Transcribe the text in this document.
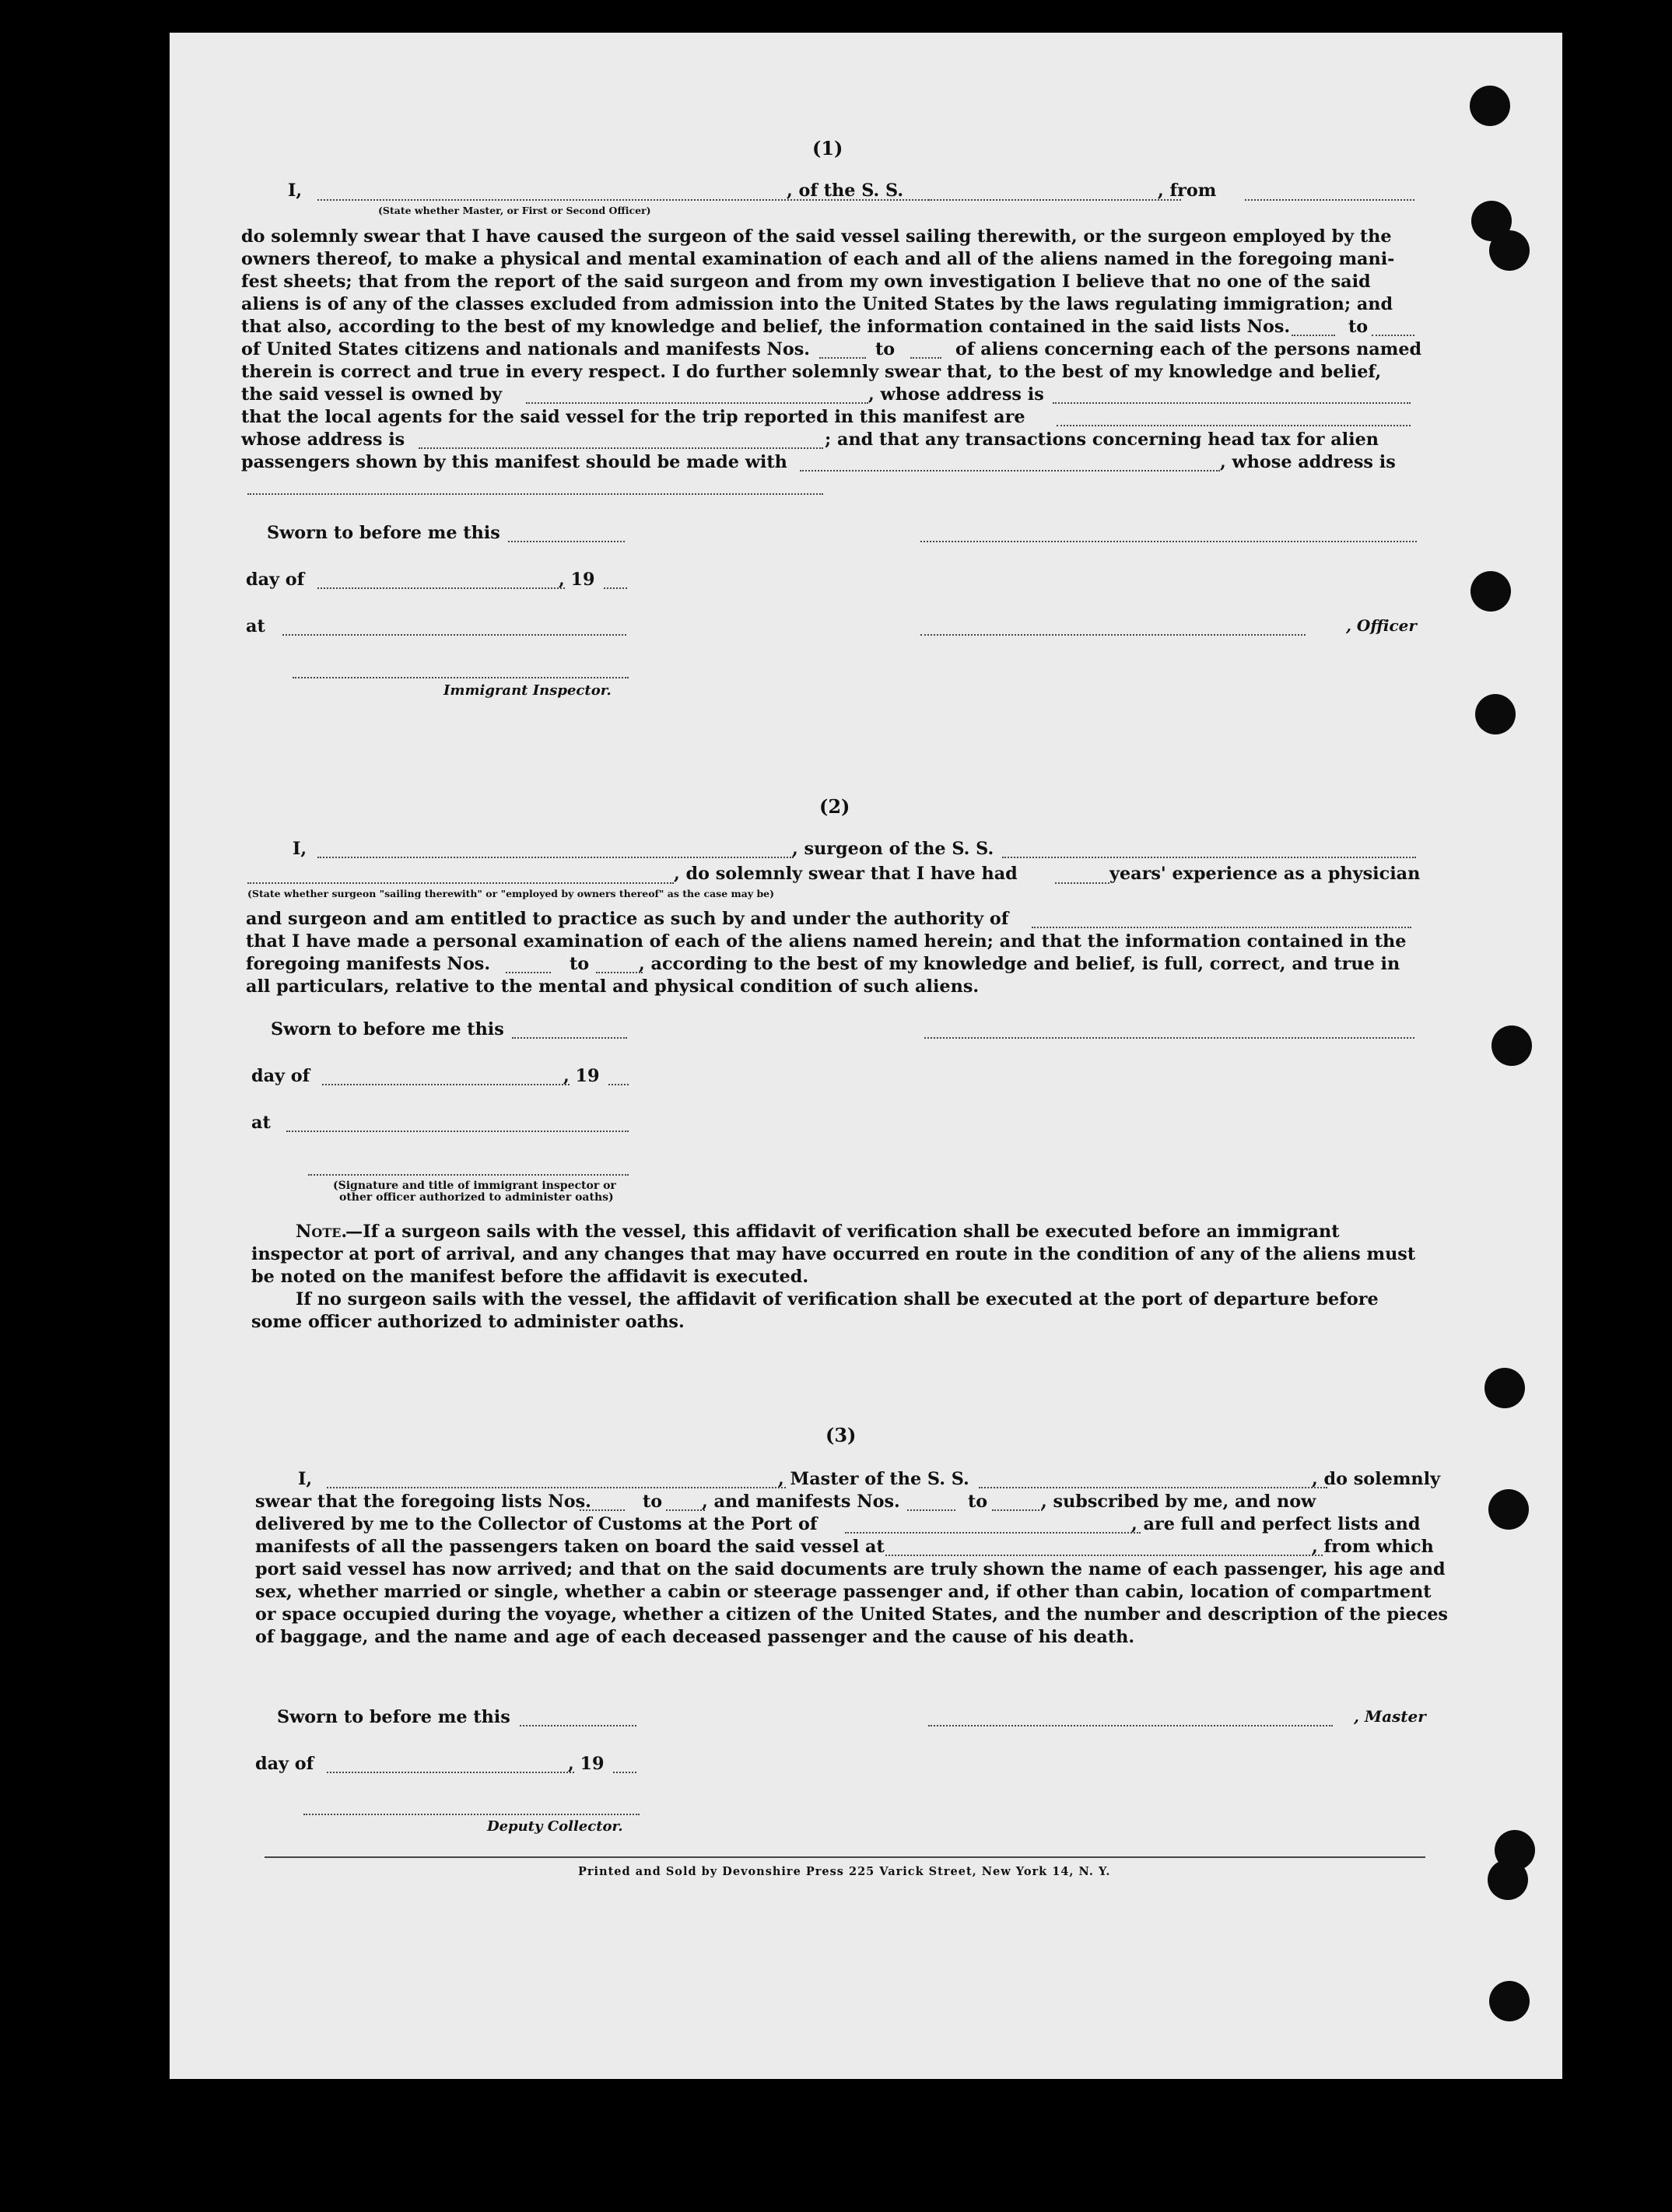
(1)
I,	, of the S. S.	, from
(State whether Master, or First or Second Officer)
do solemnly swear that I have caused the surgeon of the said vessel sailing therewith, or the surgeon employed by the
owners thereof, to make a physical and mental examination of each and all of the aliens named in the foregoing mani-
fest sheets; that from the report of the said surgeon and from my own investigation I believe that no one of the said
aliens is of any of the classes excluded from admission into the United States by the laws regulating immigration; and
that also, according to the best of my knowledge and belief, the information contained in the said lists Nos.	to
of United States citizens and nationals and manifests Nos.	to	of aliens concerning each of the persons named
therein is correct and true in every respect. I do further solemnly swear that, to the best of my knowledge and belief,
the said vessel is owned by	, whose address is
that the local agents for the said vessel for the trip reported in this manifest are
whose address is	; and that any transactions concerning head tax for alien
passengers shown by this manifest should be made with	, whose address is
Sworn to before me this
day of	, 19
at	, Officer
Immigrant Inspector.
(2)
I,	, surgeon of the S. S.
, do solemnly swear that I have had	years' experience as a physician
(State whether surgeon "sailing therewith" or "employed by owners thereof" as the case may be)
and surgeon and am entitled to practice as such by and under the authority of
that I have made a personal examination of each of the aliens named herein; and that the information contained in the
foregoing manifests Nos.	to	, according to the best of my knowledge and belief, is full, correct, and true in
all particulars, relative to the mental and physical condition of such aliens.
Sworn to before me this
day of	, 19
at
(Signature and title of immigrant inspector or
other officer authorized to administer oaths)
Note.
—If a surgeon sails with the vessel, this affidavit of verification shall be executed before an immigrant
inspector at port of arrival, and any changes that may have occurred en route in the condition of any of the aliens must
be noted on the manifest before the affidavit is executed.
If no surgeon sails with the vessel, the affidavit of verification shall be executed at the port of departure before
some officer authorized to administer oaths.
(3)
I,	, Master of the S. S.	, do solemnly
swear that the foregoing lists Nos.	to , and manifests Nos.	to	, subscribed by me, and now
delivered by me to the Collector of Customs at the Port of	, are full and perfect lists and
manifests of all the passengers taken on board the said vessel at	, from which
port said vessel has now arrived; and that on the said documents are truly shown the name of each passenger, his age and
sex, whether married or single, whether a cabin or steerage passenger and, if other than cabin, location of compartment
or space occupied during the voyage, whether a citizen of the United States, and the number and description of the pieces
of baggage, and the name and age of each deceased passenger and the cause of his death.
Sworn to before me this	, Master
day of	, 19
Deputy Collector.
Printed and Sold by Devonshire Press 225 Varick Street, New York 14, N. Y.
